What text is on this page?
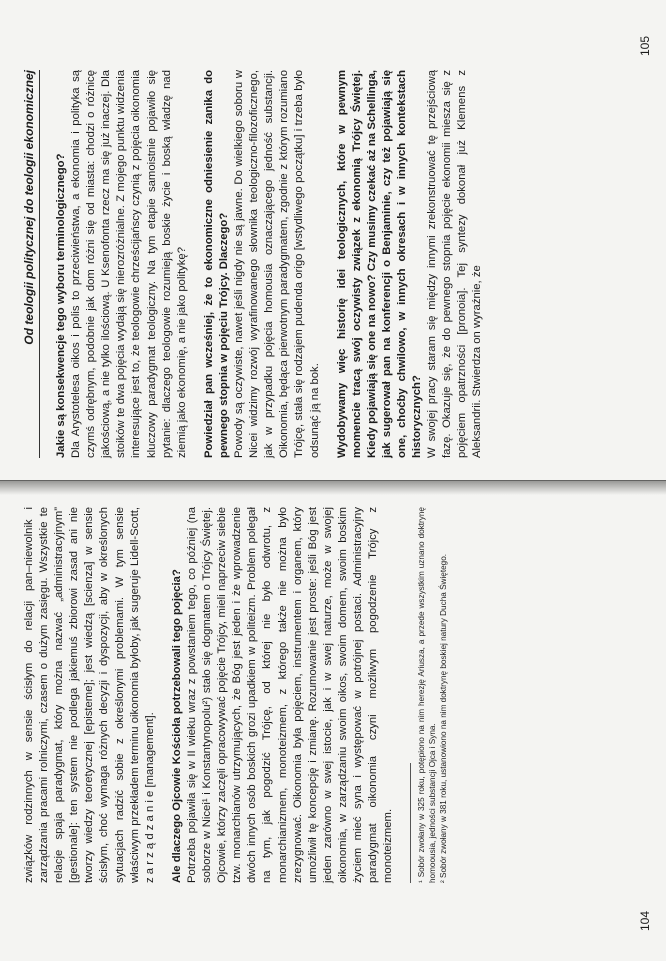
związków rodzinnych w sensie ścisłym do relacji pan–niewolnik i zarządzania pracami rolniczymi, czasem o dużym zasięgu. Wszystkie te relacje spaja paradygmat, który można nazwać „administracyjnym” [gestionale]: ten system nie podlega jakiemuś zbiorowi zasad ani nie tworzy wiedzy teoretycznej [episteme]; jest wiedzą [scienza] w sensie ścisłym, choć wymaga różnych decyzji i dyspozycji, aby w określonych sytuacjach radzić sobie z określonymi problemami. W tym sensie właściwym przekładem terminu oikonomia byłoby, jak sugeruje Lidell-Scott, z a r z ą d z a n i e [management]. Ale dlaczego Ojcowie Kościoła potrzebowali tego pojęcia? Potrzeba pojawiła się w II wieku wraz z powstaniem tego, co później (na soborze w Nicei¹ i Konstantynopolu²) stało się dogmatem o Trójcy Świętej. Ojcowie, którzy zaczęli opracowywać pojęcie Trójcy, mieli naprzeciw siebie tzw. monarchianów utrzymujących, że Bóg jest jeden i że wprowadzenie dwóch innych osób boskich grozi upadkiem w politeizm. Problem polegał na tym, jak pogodzić Trójcę, od której nie było odwrotu, z monarchianizmem, monoteizmem, z którego także nie można było zrezygnować. Oikonomia była pojęciem, instrumentem i organem, który umożliwił tę koncepcję i zmianę. Rozumowanie jest proste: jeśli Bóg jest jeden zarówno w swej istocie, jak i w swej naturze, może w swojej oikonomia, w zarządzaniu swoim oikos, swoim domem, swoim boskim życiem mieć syna i występować w potrójnej postaci. Administracyjny paradygmat oikonomia czyni możliwym pogodzenie Trójcy z monoteizmem.	¹ Sobór zwołany w 325 roku, potępiono na nim herezję Ariusza, a przede wszystkim uznano doktrynę homoousia, jedności substancji Ojca i Syna. ² Sobór zwołany w 381 roku, ustanowiono na nim doktrynę boskiej natury Ducha Świętego.

104
Od teologii politycznej do teologii ekonomicznej	Jakie są konsekwencje tego wyboru terminologicznego? Dla Arystotelesa oikos i polis to przeciwieństwa, a ekonomia i polityka są czymś odrębnym, podobnie jak dom różni się od miasta: chodzi o różnicę jakościową, a nie tylko ilościową. U Ksenofonta rzecz ma się już inaczej. Dla stoików te dwa pojęcia wydają się nierozróżnialne. Z mojego punktu widzenia interesujące jest to, że teologowie chrześcijańscy czynią z pojęcia oikonomia kluczowy paradygmat teologiczny. Na tym etapie samoistnie pojawiło się pytanie: dlaczego teologowie rozumieją boskie życie i boską władzę nad ziemią jako ekonomię, a nie jako politykę? Powiedział pan wcześniej, że to ekonomiczne odniesienie zanika do pewnego stopnia w pojęciu Trójcy. Dlaczego? Powody są oczywiste, nawet jeśli nigdy nie są jawne. Do wielkiego soboru w Nicei widzimy rozwój wyrafinowanego słownika teologiczno-filozoficznego, jak w przypadku pojęcia homousia oznaczającego jedność substancji. Oikonomia, będąca pierwotnym paradygmatem, zgodnie z którym rozumiano Trójcę, stała się rodzajem pudenda origo [wstydliwego początku] i trzeba było odsunąć ją na bok. Wydobywamy więc historię idei teologicznych, które w pewnym momencie tracą swój oczywisty związek z ekonomią Trójcy Świętej. Kiedy pojawiają się one na nowo? Czy musimy czekać aż na Schellinga, jak sugerował pan na konferencji o Benjaminie, czy też pojawiają się one, choćby chwilowo, w innych okresach i w innych kontekstach historycznych? W swojej pracy staram się między innymi zrekonstruować tę przejściową fazę. Okazuje się, że do pewnego stopnia pojęcie ekonomii miesza się z pojęciem opatrzności [pronoia]. Tej syntezy dokonał już Klemens z Aleksandrii. Stwierdza on wyraźnie, że

105
